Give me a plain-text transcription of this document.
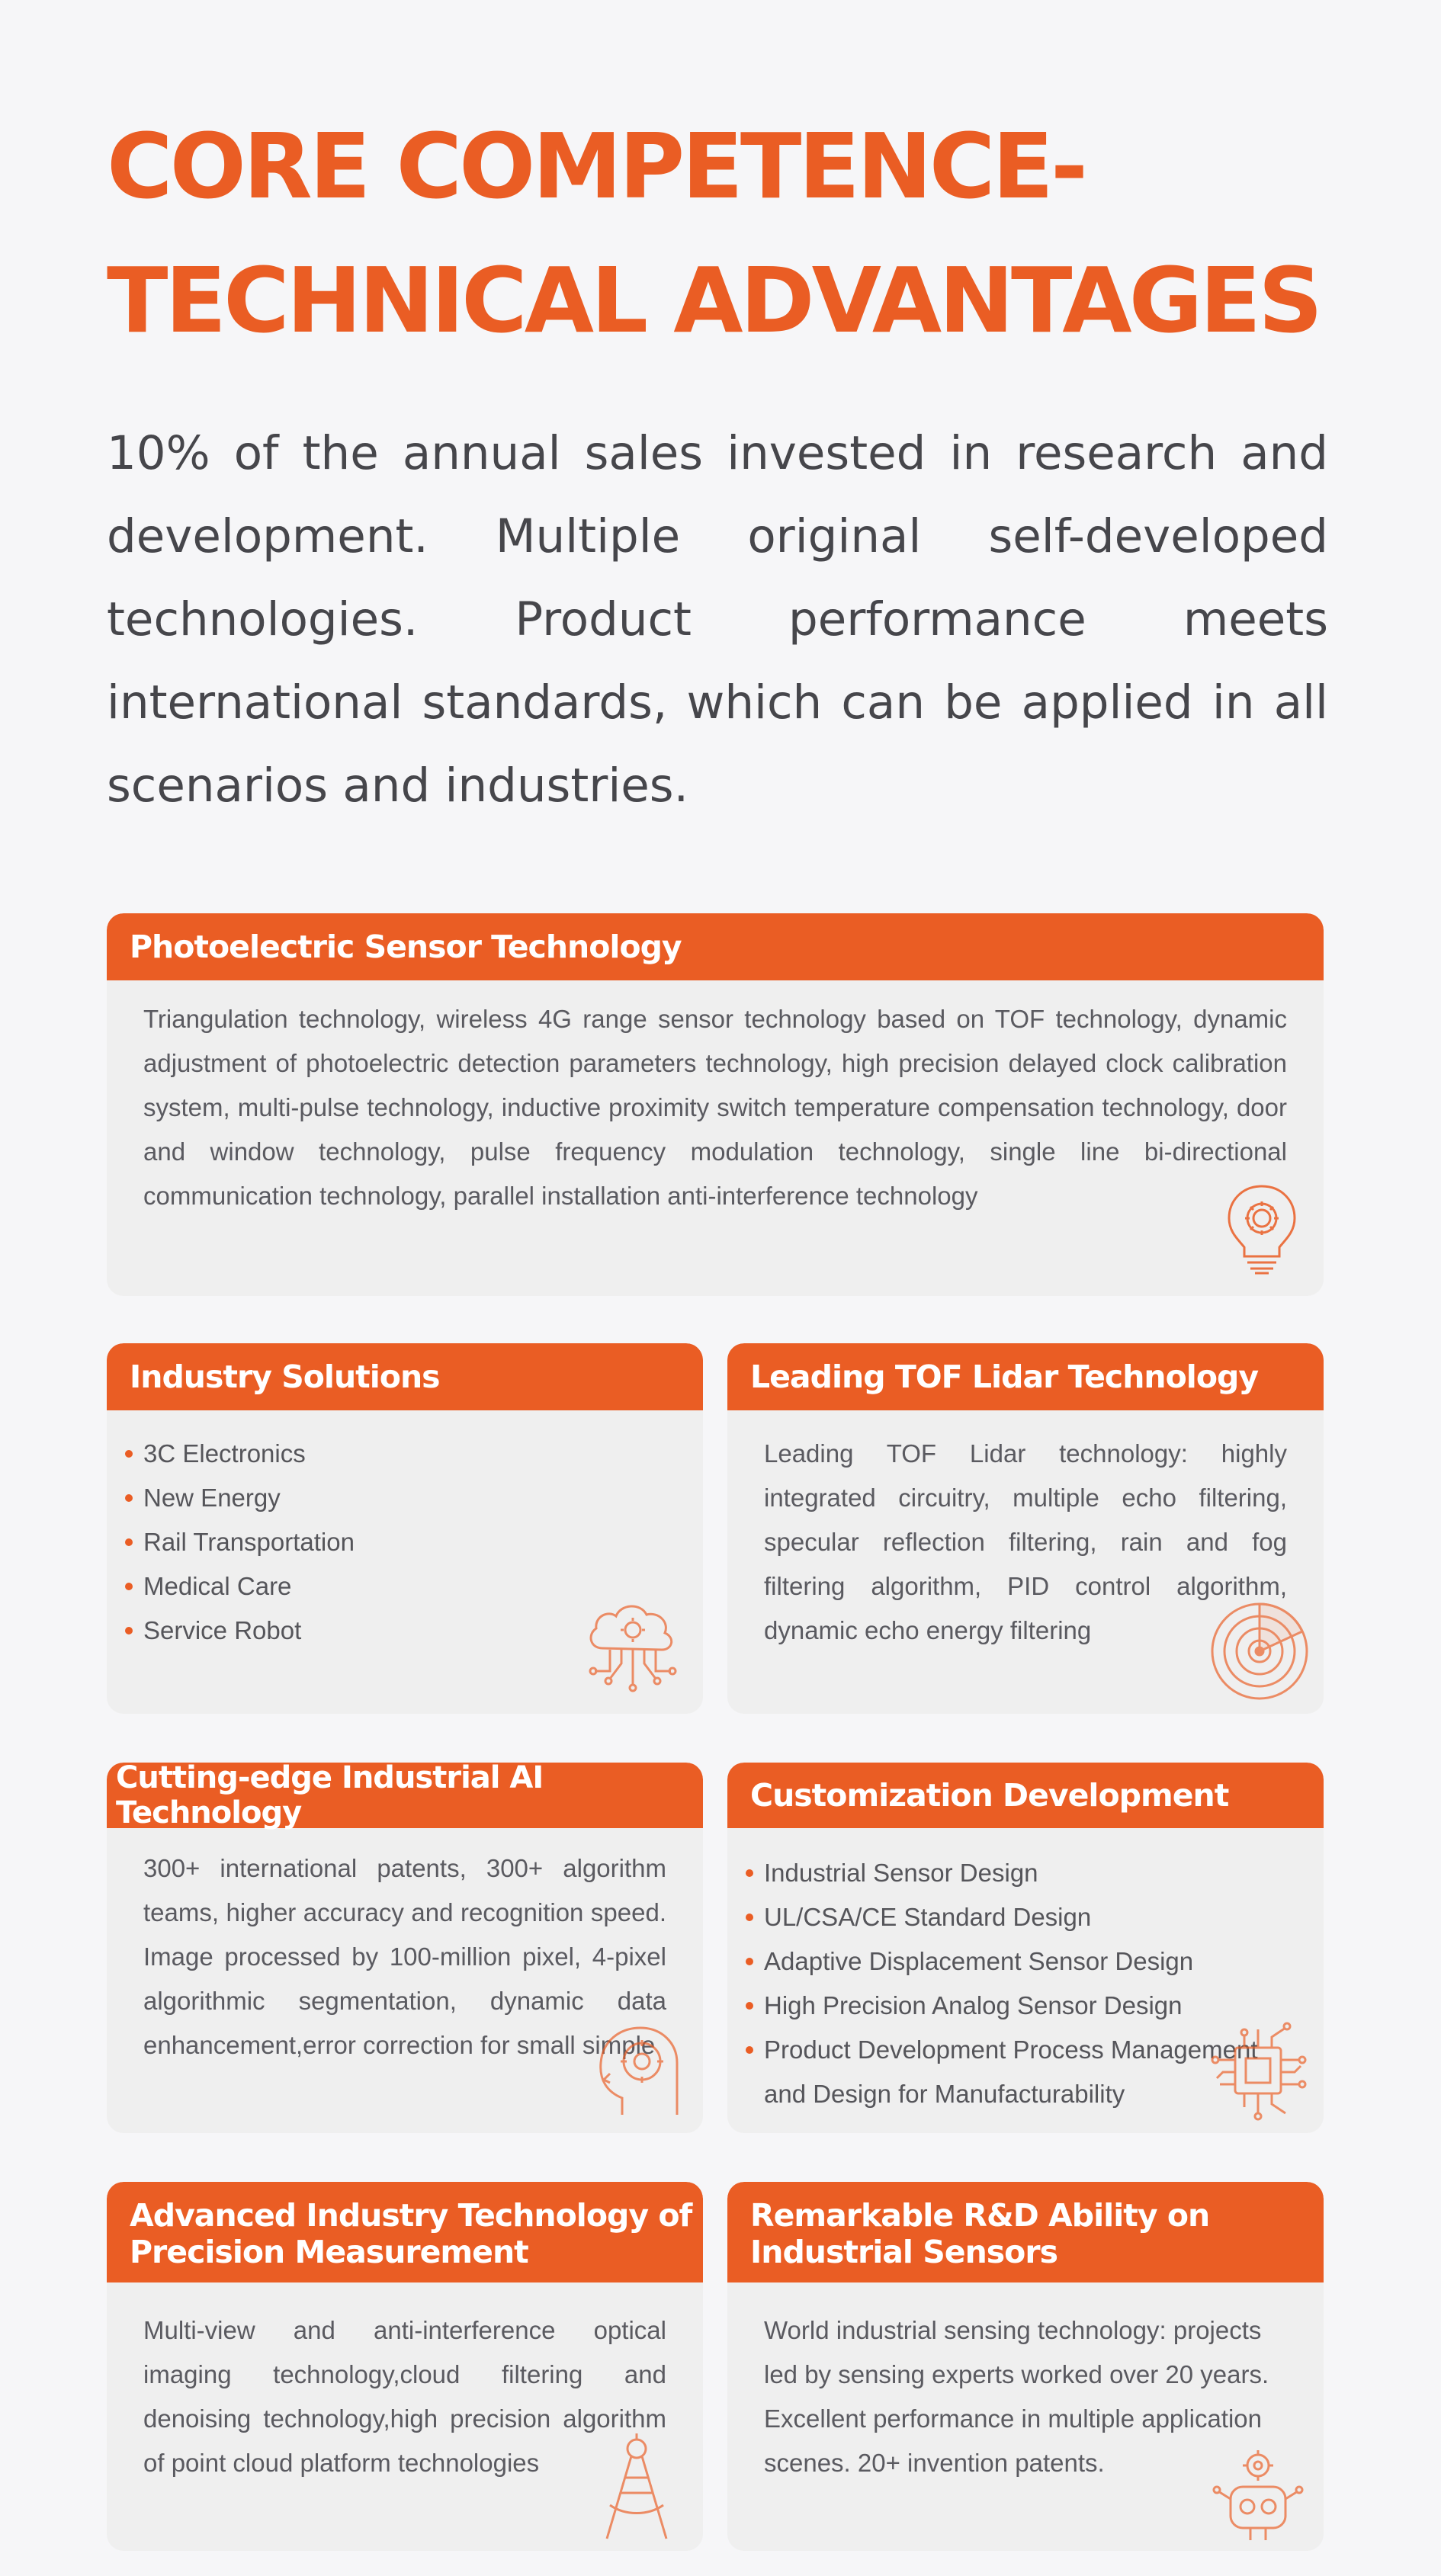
CORE COMPETENCE-
TECHNICAL ADVANTAGES

10% of the annual sales invested in research and development. Multiple original self-developed technologies. Product performance meets international standards, which can be applied in all scenarios and industries.

Photoelectric Sensor Technology
Triangulation technology, wireless 4G range sensor technology based on TOF technology, dynamic adjustment of photoelectric detection parameters technology, high precision delayed clock calibration system, multi-pulse technology, inductive proximity switch temperature compensation technology, door and window technology, pulse frequency modulation technology, single line bi-directional communication technology, parallel installation anti-interference technology
Industry Solutions
3C Electronics
New Energy
Rail Transportation
Medical Care
Service Robot
Leading TOF Lidar Technology
Leading TOF Lidar technology: highly integrated circuitry, multiple echo filtering, specular reflection filtering, rain and fog filtering algorithm, PID control algorithm, dynamic echo energy filtering
Cutting-edge Industrial AI Technology
300+ international patents, 300+ algorithm teams, higher accuracy and recognition speed. Image processed by 100-million pixel, 4-pixel algorithmic segmentation, dynamic data enhancement,error correction for small simple
Customization Development
Industrial Sensor Design
UL/CSA/CE Standard Design
Adaptive Displacement Sensor Design
High Precision Analog Sensor Design
Product Development Process Management and Design for Manufacturability
Advanced Industry Technology of
Precision Measurement
Multi-view and anti-interference optical imaging technology,cloud filtering and denoising technology,high precision algorithm of point cloud platform technologies
Remarkable R&D Ability on
Industrial Sensors
World industrial sensing technology: projects led by sensing experts worked over 20 years. Excellent performance in multiple application scenes. 20+ invention patents.
